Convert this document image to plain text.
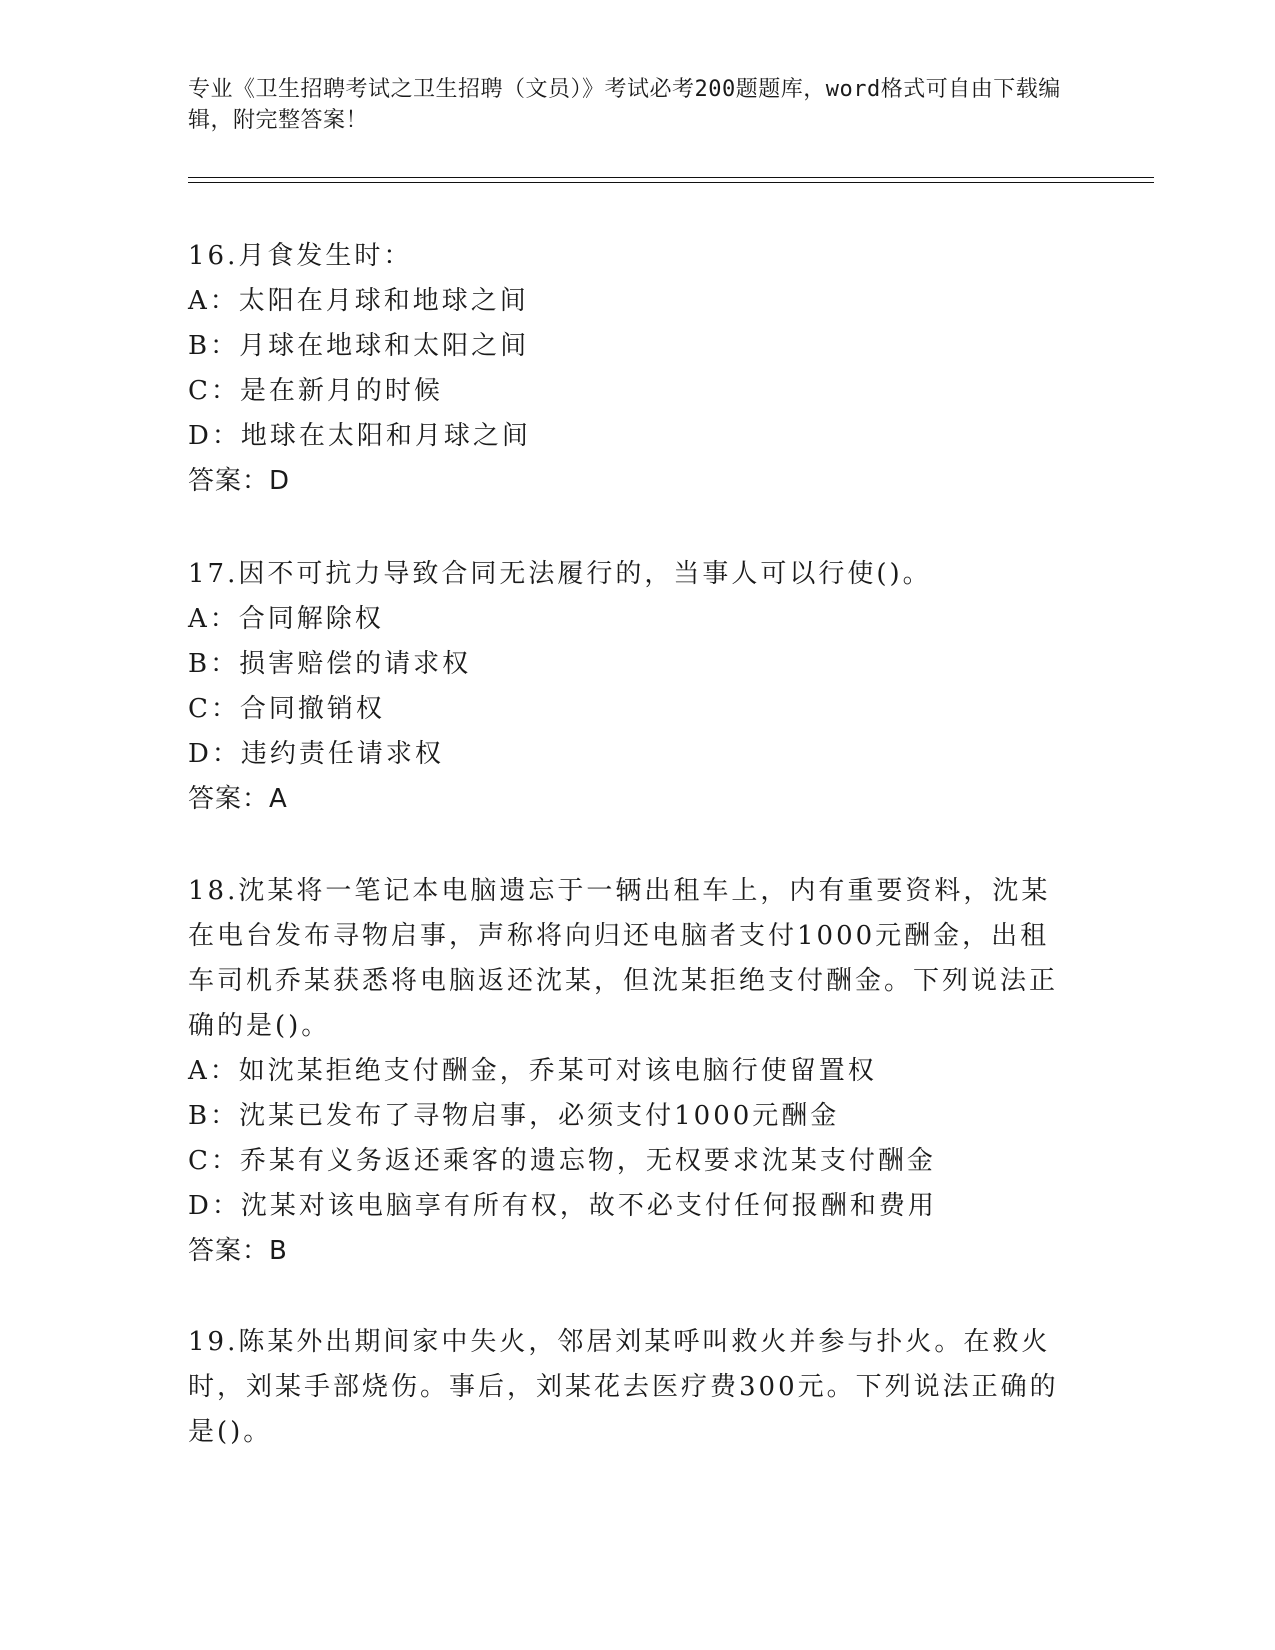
专业《卫生招聘考试之卫生招聘（文员）》考试必考200题题库，word格式可自由下载编辑，附完整答案！
16.月食发生时：
A：太阳在月球和地球之间
B：月球在地球和太阳之间
C：是在新月的时候
D：地球在太阳和月球之间
答案：D
17.因不可抗力导致合同无法履行的，当事人可以行使()。
A：合同解除权
B：损害赔偿的请求权
C：合同撤销权
D：违约责任请求权
答案：A
18.沈某将一笔记本电脑遗忘于一辆出租车上，内有重要资料，沈某在电台发布寻物启事，声称将向归还电脑者支付1000元酬金，出租车司机乔某获悉将电脑返还沈某，但沈某拒绝支付酬金。下列说法正确的是()。
A：如沈某拒绝支付酬金，乔某可对该电脑行使留置权
B：沈某已发布了寻物启事，必须支付1000元酬金
C：乔某有义务返还乘客的遗忘物，无权要求沈某支付酬金
D：沈某对该电脑享有所有权，故不必支付任何报酬和费用
答案：B
19.陈某外出期间家中失火，邻居刘某呼叫救火并参与扑火。在救火时，刘某手部烧伤。事后，刘某花去医疗费300元。下列说法正确的是()。
